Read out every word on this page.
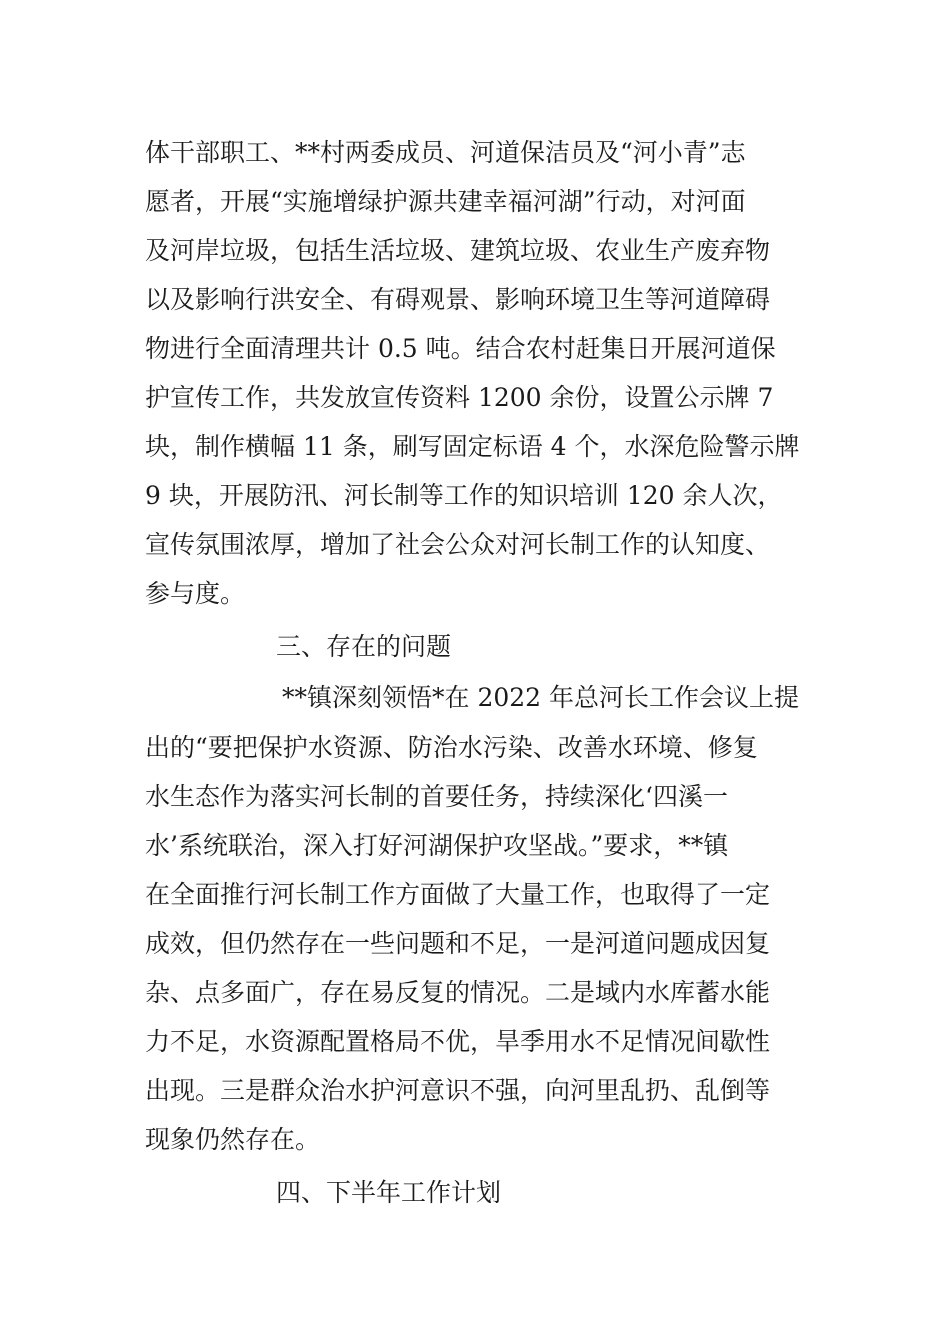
体干部职工、**村两委成员、河道保洁员及“河小青”志
愿者，开展“实施增绿护源共建幸福河湖”行动，对河面
及河岸垃圾，包括生活垃圾、建筑垃圾、农业生产废弃物
以及影响行洪安全、有碍观景、影响环境卫生等河道障碍
物进行全面清理共计 0.5 吨。结合农村赶集日开展河道保
护宣传工作，共发放宣传资料 1200 余份，设置公示牌 7
块，制作横幅 11 条，刷写固定标语 4 个，水深危险警示牌
9 块，开展防汛、河长制等工作的知识培训 120 余人次，
宣传氛围浓厚，增加了社会公众对河长制工作的认知度、
参与度。
三、存在的问题
**镇深刻领悟*在 2022 年总河长工作会议上提
出的“要把保护水资源、防治水污染、改善水环境、修复
水生态作为落实河长制的首要任务，持续深化‘四溪一
水’系统联治，深入打好河湖保护攻坚战。”要求，**镇
在全面推行河长制工作方面做了大量工作，也取得了一定
成效，但仍然存在一些问题和不足，一是河道问题成因复
杂、点多面广，存在易反复的情况。二是域内水库蓄水能
力不足，水资源配置格局不优，旱季用水不足情况间歇性
出现。三是群众治水护河意识不强，向河里乱扔、乱倒等
现象仍然存在。
四、下半年工作计划
